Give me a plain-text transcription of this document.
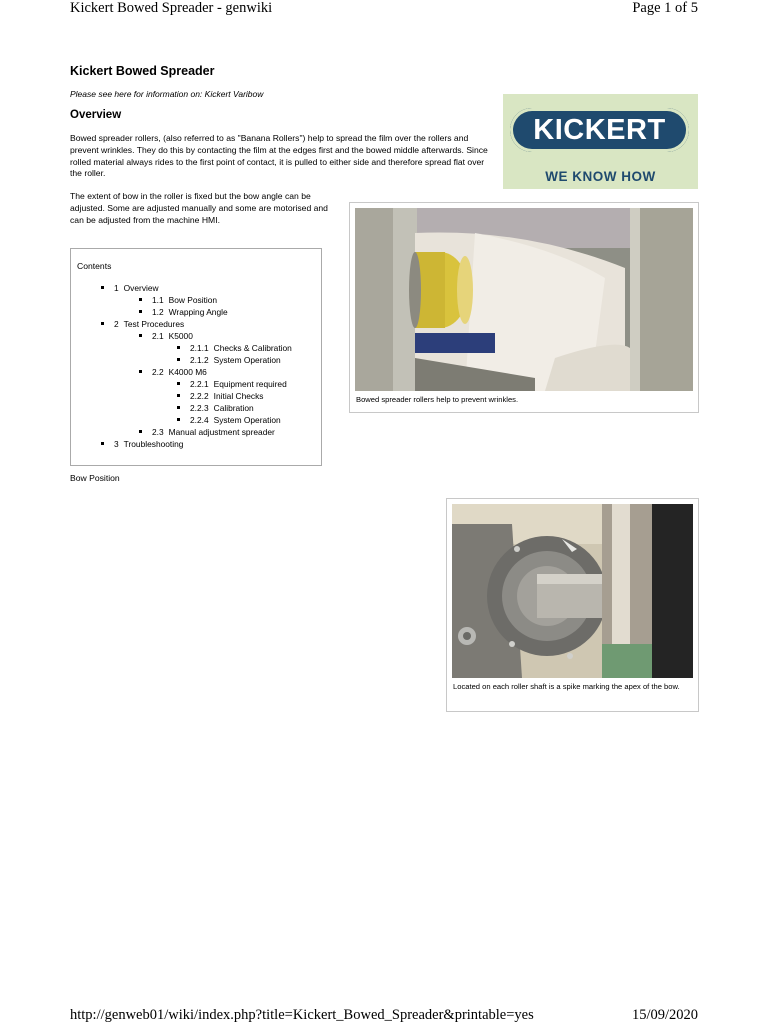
Kickert Bowed Spreader - genwiki	Page 1 of 5
http://genweb01/wiki/index.php?title=Kickert_Bowed_Spreader&printable=yes	15/09/2020
Kickert Bowed Spreader
Please see here for information on: Kickert Varibow
Overview
Bowed spreader rollers, (also referred to as "Banana Rollers") help to spread the film over the rollers and prevent wrinkles. They do this by contacting the film at the edges first and the bowed middle afterwards. Since rolled material always rides to the first point of contact, it is pulled to either side and therefore spread flat over the roller.
The extent of bow in the roller is fixed but the bow angle can be adjusted. Some are adjusted manually and some are motorised and can be adjusted from the machine HMI.
KICKERT
WE KNOW HOW
Bowed spreader rollers help to prevent wrinkles.
Located on each roller shaft is a spike marking the apex of the bow.
Contents
1 Overview
1.1 Bow Position
1.2 Wrapping Angle
2 Test Procedures
2.1 K5000
2.1.1 Checks & Calibration
2.1.2 System Operation
2.2 K4000 M6
2.2.1 Equipment required
2.2.2 Initial Checks
2.2.3 Calibration
2.2.4 System Operation
2.3 Manual adjustment spreader
3 Troubleshooting
Bow Position
